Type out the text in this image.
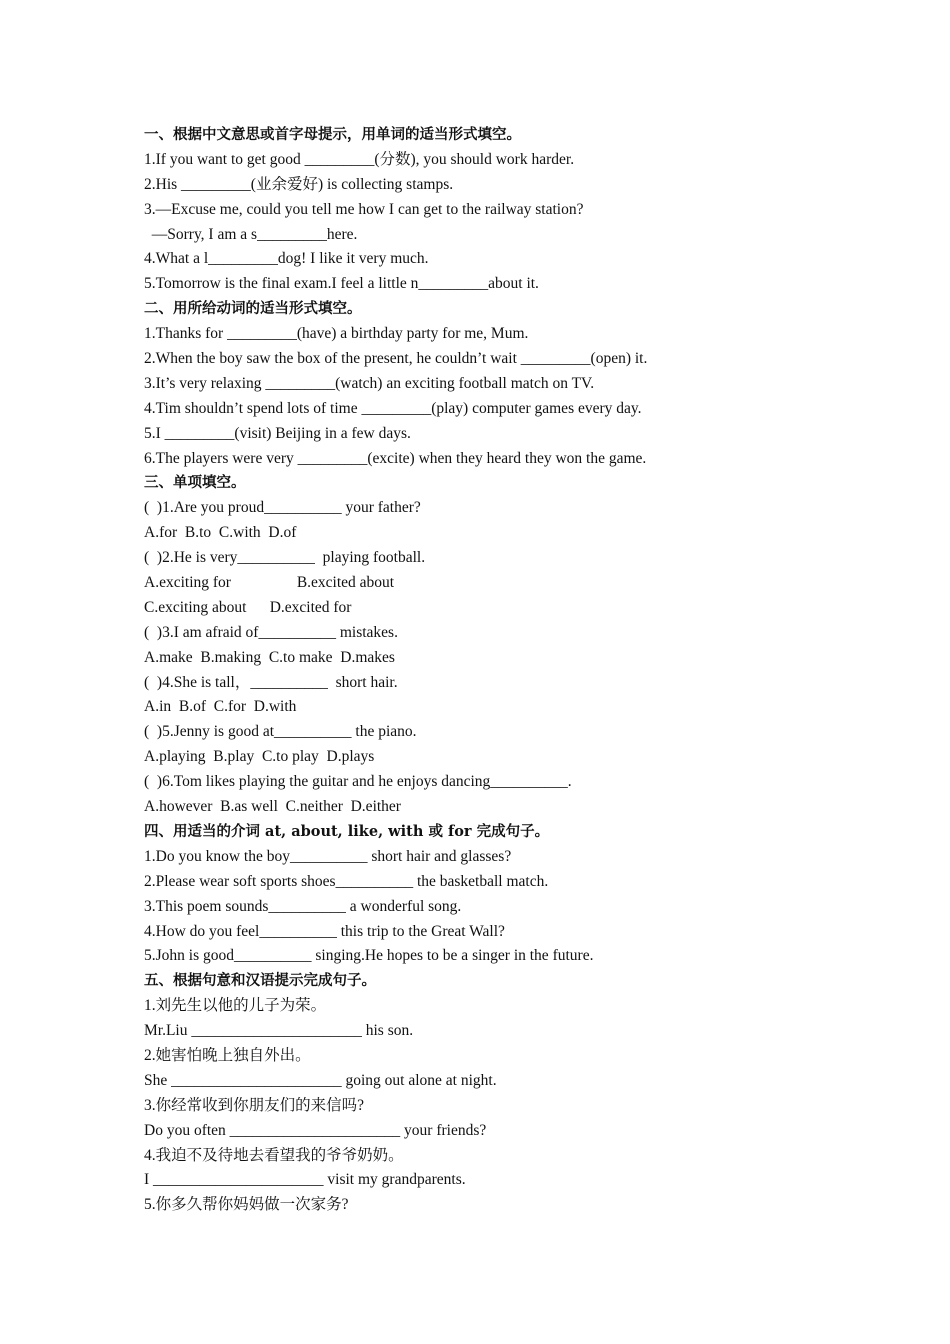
一、根据中文意思或首字母提示，用单词的适当形式填空。
1.If you want to get good _________(分数), you should work harder.
2.His _________(业余爱好) is collecting stamps.
3.—Excuse me, could you tell me how I can get to the railway station?
—Sorry, I am a s_________here.
4.What a l_________dog! I like it very much.
5.Tomorrow is the final exam.I feel a little n_________about it.
二、用所给动词的适当形式填空。
1.Thanks for _________(have) a birthday party for me, Mum.
2.When the boy saw the box of the present, he couldn’t wait _________(open) it.
3.It’s very relaxing _________(watch) an exciting football match on TV.
4.Tim shouldn’t spend lots of time _________(play) computer games every day.
5.I _________(visit) Beijing in a few days.
6.The players were very _________(excite) when they heard they won the game.
三、单项填空。
(  )1.Are you proud__________ your father?
A.for  B.to  C.with  D.of
(  )2.He is very__________  playing football.
A.exciting for                 B.excited about
C.exciting about      D.excited for
(  )3.I am afraid of__________ mistakes.
A.make  B.making  C.to make  D.makes
(  )4.She is tall，__________  short hair.
A.in  B.of  C.for  D.with
(  )5.Jenny is good at__________ the piano.
A.playing  B.play  C.to play  D.plays
(  )6.Tom likes playing the guitar and he enjoys dancing__________.
A.however  B.as well  C.neither  D.either
四、用适当的介词 at, about, like, with 或 for 完成句子。
1.Do you know the boy__________ short hair and glasses?
2.Please wear soft sports shoes__________ the basketball match.
3.This poem sounds__________ a wonderful song.
4.How do you feel__________ this trip to the Great Wall?
5.John is good__________ singing.He hopes to be a singer in the future.
五、根据句意和汉语提示完成句子。
1.刘先生以他的儿子为荣。
Mr.Liu ______________________ his son.
2.她害怕晚上独自外出。
She ______________________ going out alone at night.
3.你经常收到你朋友们的来信吗?
Do you often ______________________ your friends?
4.我迫不及待地去看望我的爷爷奶奶。
I ______________________ visit my grandparents.
5.你多久帮你妈妈做一次家务?
